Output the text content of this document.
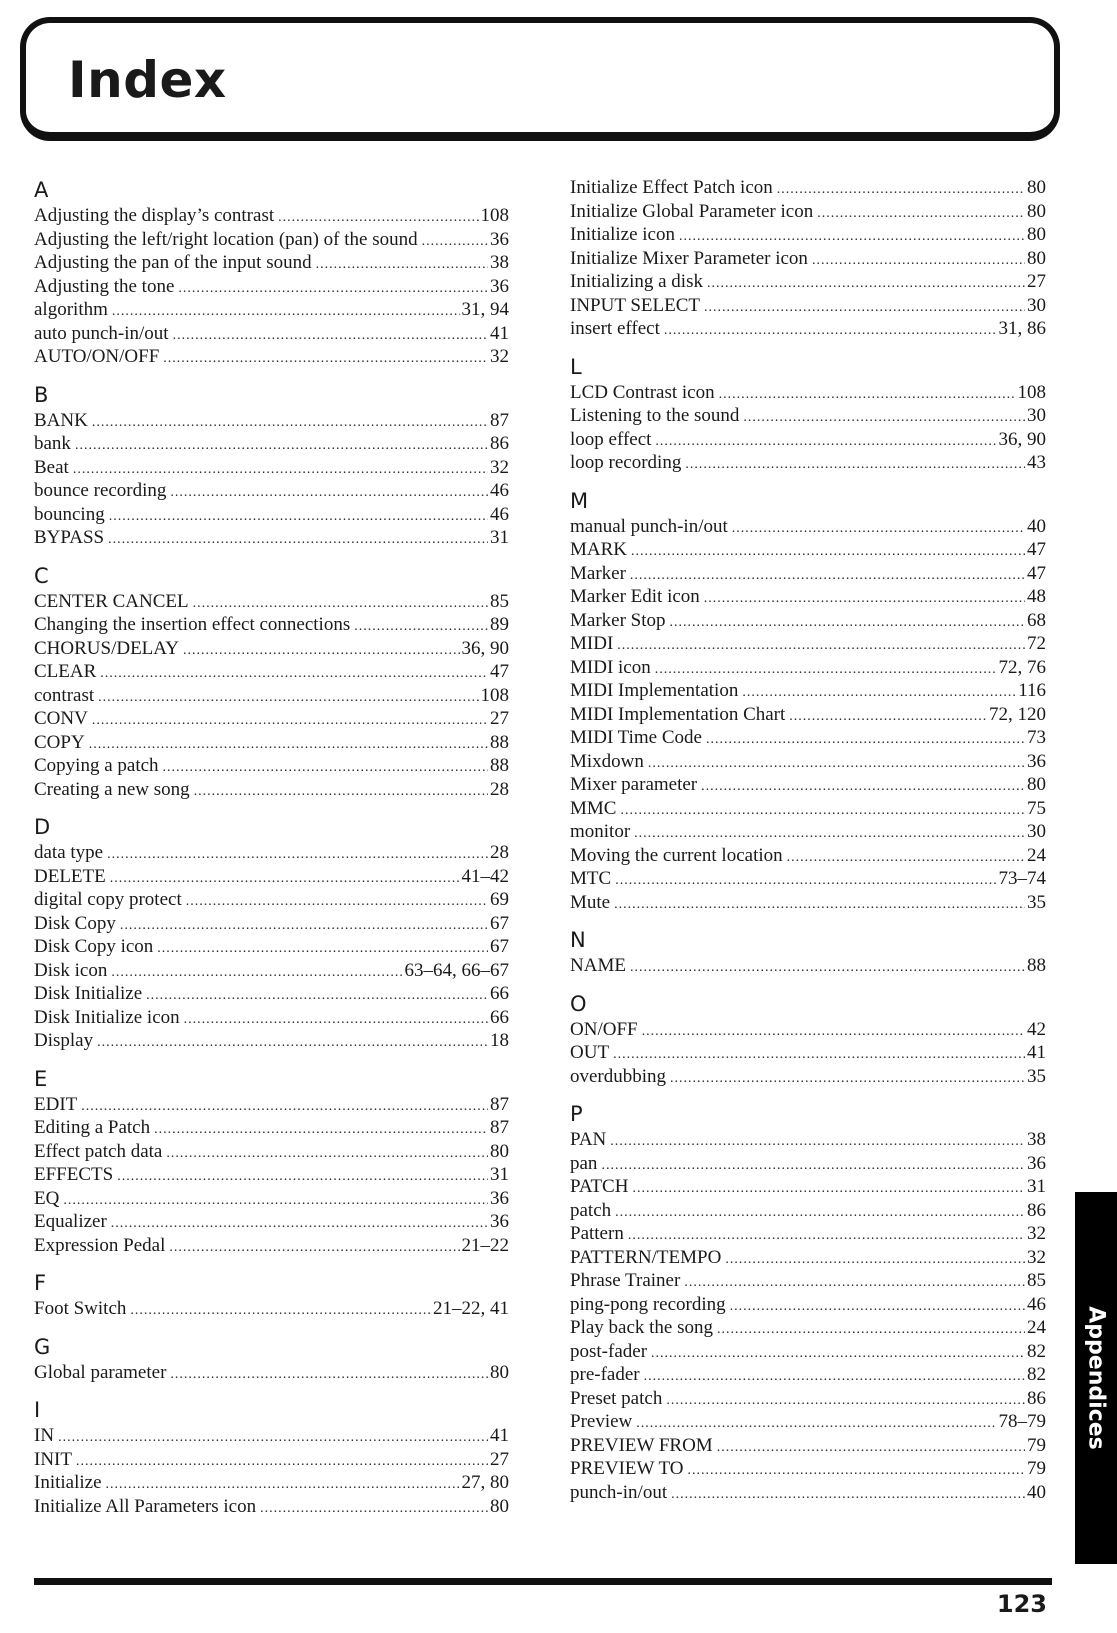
Index
A
Adjusting the display’s contrast .....	108
Adjusting the left/right location (pan) of the sound .....	36
Adjusting the pan of the input sound .....	38
Adjusting the tone .....	36
algorithm .....	31, 94
auto punch-in/out .....	41
AUTO/ON/OFF .....	32
B
BANK .....	87
bank .....	86
Beat .....	32
bounce recording .....	46
bouncing .....	46
BYPASS .....	31
C
CENTER CANCEL .....	85
Changing the insertion effect connections .....	89
CHORUS/DELAY .....	36, 90
CLEAR .....	47
contrast .....	108
CONV .....	27
COPY .....	88
Copying a patch .....	88
Creating a new song .....	28
D
data type .....	28
DELETE .....	41–42
digital copy protect .....	69
Disk Copy .....	67
Disk Copy icon .....	67
Disk icon .....	63–64, 66–67
Disk Initialize .....	66
Disk Initialize icon .....	66
Display .....	18
E
EDIT .....	87
Editing a Patch .....	87
Effect patch data .....	80
EFFECTS .....	31
EQ .....	36
Equalizer .....	36
Expression Pedal .....	21–22
F
Foot Switch .....	21–22, 41
G
Global parameter .....	80
I
IN .....	41
INIT .....	27
Initialize .....	27, 80
Initialize All Parameters icon .....	80
Initialize Effect Patch icon .....	80
Initialize Global Parameter icon .....	80
Initialize icon .....	80
Initialize Mixer Parameter icon .....	80
Initializing a disk .....	27
INPUT SELECT .....	30
insert effect .....	31, 86
L
LCD Contrast icon .....	108
Listening to the sound .....	30
loop effect .....	36, 90
loop recording .....	43
M
manual punch-in/out .....	40
MARK .....	47
Marker .....	47
Marker Edit icon .....	48
Marker Stop .....	68
MIDI .....	72
MIDI icon .....	72, 76
MIDI Implementation .....	116
MIDI Implementation Chart .....	72, 120
MIDI Time Code .....	73
Mixdown .....	36
Mixer parameter .....	80
MMC .....	75
monitor .....	30
Moving the current location .....	24
MTC .....	73–74
Mute .....	35
N
NAME .....	88
O
ON/OFF .....	42
OUT .....	41
overdubbing .....	35
P
PAN .....	38
pan .....	36
PATCH .....	31
patch .....	86
Pattern .....	32
PATTERN/TEMPO .....	32
Phrase Trainer .....	85
ping-pong recording .....	46
Play back the song .....	24
post-fader .....	82
pre-fader .....	82
Preset patch .....	86
Preview .....	78–79
PREVIEW FROM .....	79
PREVIEW TO .....	79
punch-in/out .....	40
Appendices
123
